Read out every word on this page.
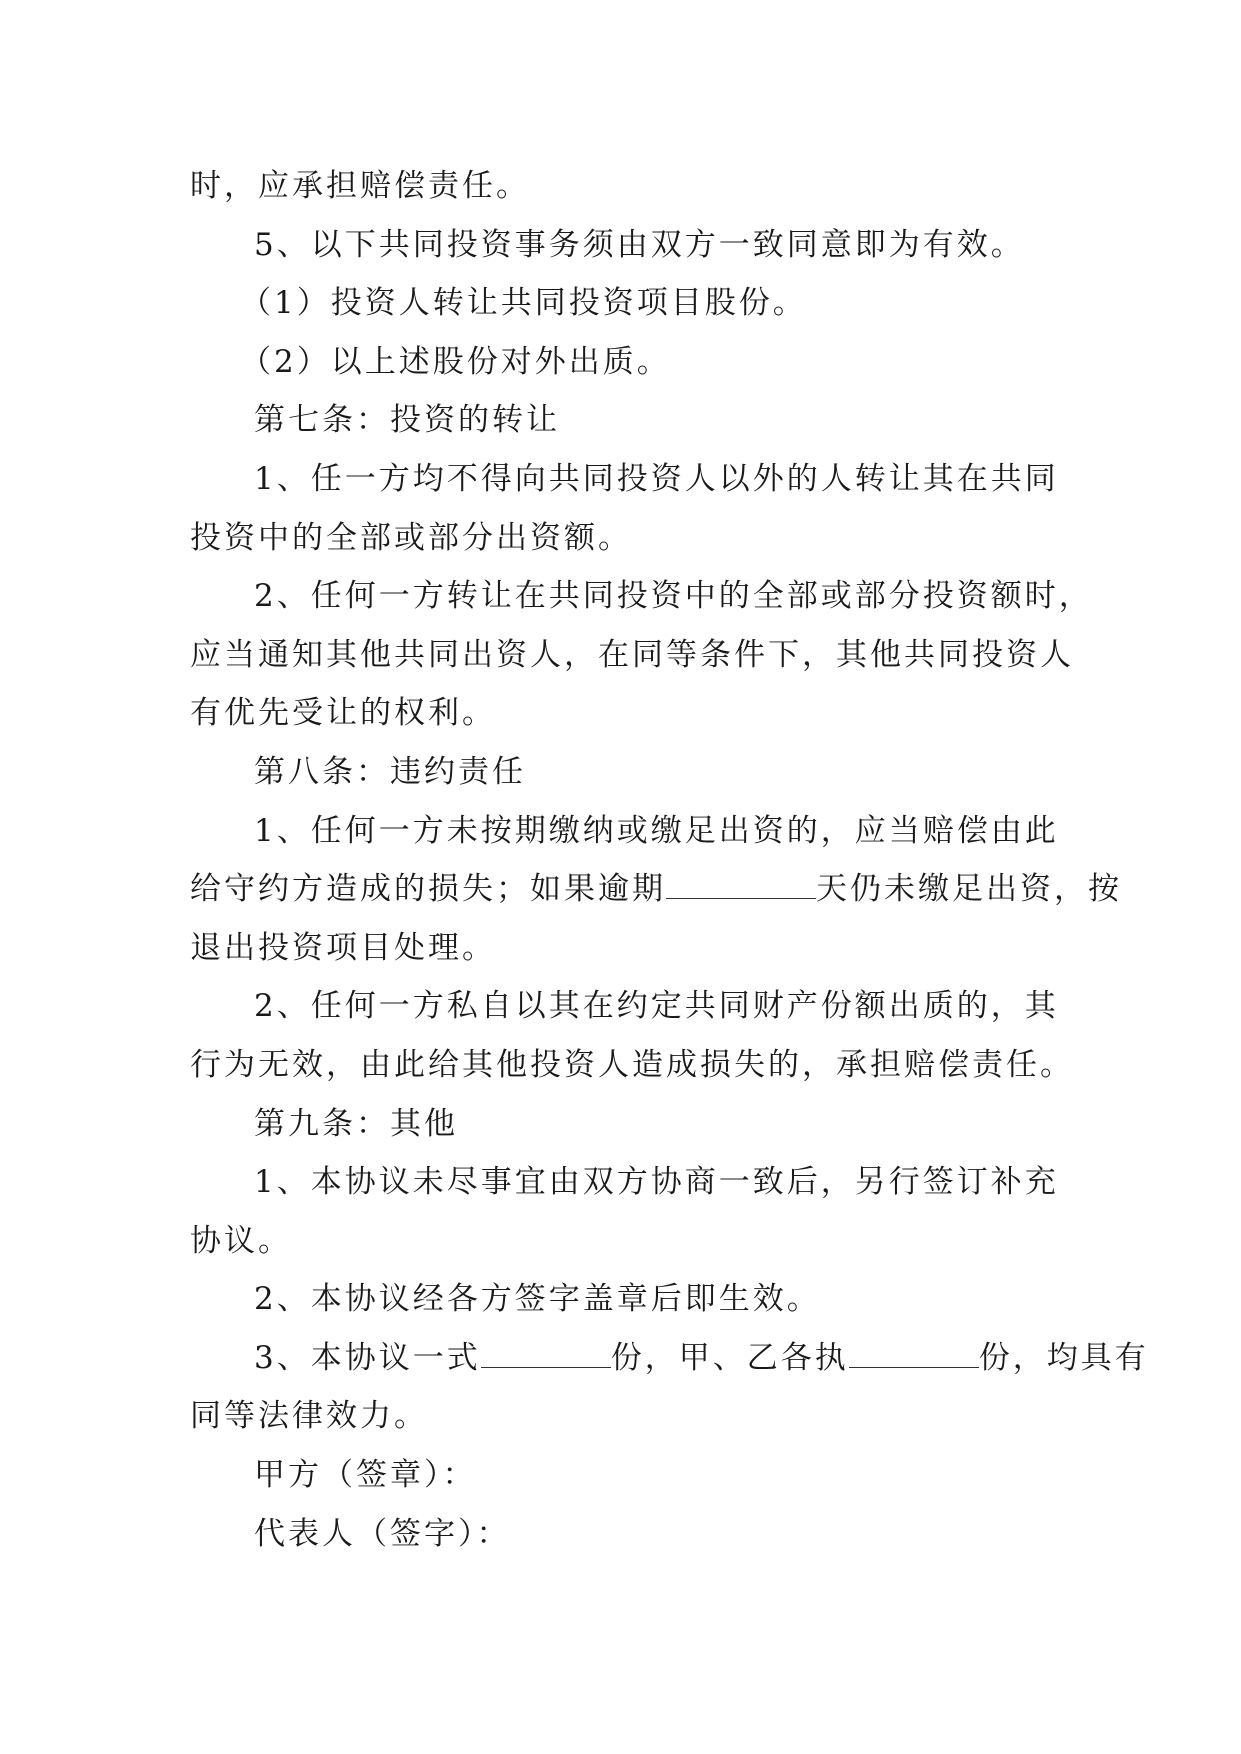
时，应承担赔偿责任。

5、以下共同投资事务须由双方一致同意即为有效。

（1）投资人转让共同投资项目股份。

（2）以上述股份对外出质。

第七条：投资的转让

1、任一方均不得向共同投资人以外的人转让其在共同

投资中的全部或部分出资额。

2、任何一方转让在共同投资中的全部或部分投资额时，

应当通知其他共同出资人，在同等条件下，其他共同投资人

有优先受让的权利。

第八条：违约责任

1、任何一方未按期缴纳或缴足出资的，应当赔偿由此

给守约方造成的损失；如果逾期	天仍未缴足出资，按

退出投资项目处理。

2、任何一方私自以其在约定共同财产份额出质的，其

行为无效，由此给其他投资人造成损失的，承担赔偿责任。

第九条：其他

1、本协议未尽事宜由双方协商一致后，另行签订补充

协议。

2、本协议经各方签字盖章后即生效。

3、本协议一式	份，甲、乙各执	份，均具有

同等法律效力。

甲方（签章）：

代表人（签字）：
